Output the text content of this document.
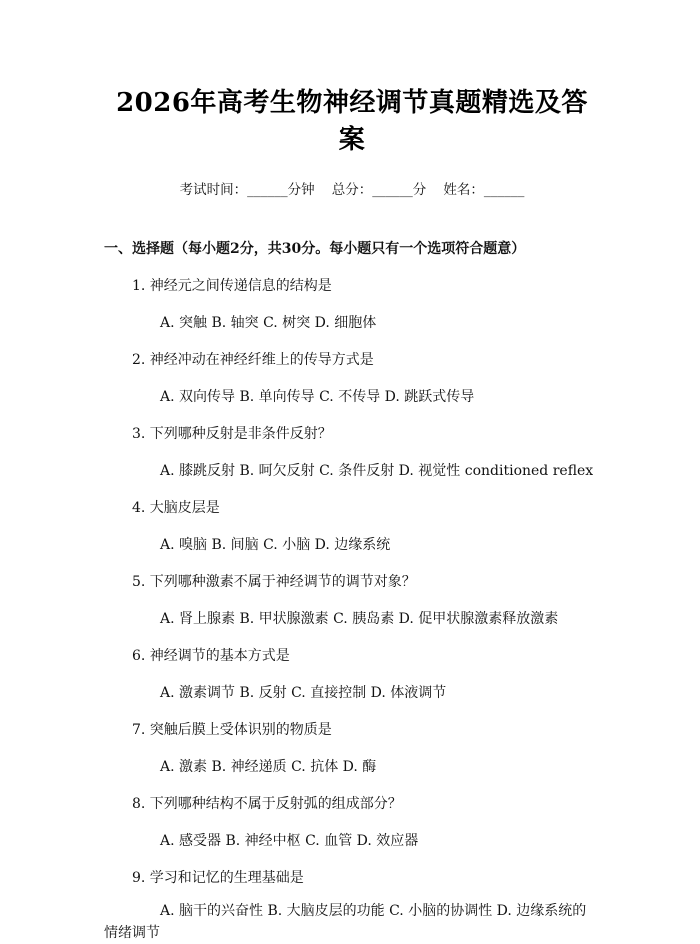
2026年高考生物神经调节真题精选及答案
考试时间：______分钟    总分：______分    姓名：______
一、选择题（每小题2分，共30分。每小题只有一个选项符合题意）
1. 神经元之间传递信息的结构是
A. 突触 B. 轴突 C. 树突 D. 细胞体
2. 神经冲动在神经纤维上的传导方式是
A. 双向传导 B. 单向传导 C. 不传导 D. 跳跃式传导
3. 下列哪种反射是非条件反射？
A. 膝跳反射 B. 呵欠反射 C. 条件反射 D. 视觉性 conditioned reflex
4. 大脑皮层是
A. 嗅脑 B. 间脑 C. 小脑 D. 边缘系统
5. 下列哪种激素不属于神经调节的调节对象？
A. 肾上腺素 B. 甲状腺激素 C. 胰岛素 D. 促甲状腺激素释放激素
6. 神经调节的基本方式是
A. 激素调节 B. 反射 C. 直接控制 D. 体液调节
7. 突触后膜上受体识别的物质是
A. 激素 B. 神经递质 C. 抗体 D. 酶
8. 下列哪种结构不属于反射弧的组成部分？
A. 感受器 B. 神经中枢 C. 血管 D. 效应器
9. 学习和记忆的生理基础是
A. 脑干的兴奋性 B. 大脑皮层的功能 C. 小脑的协调性 D. 边缘系统的情绪调节
